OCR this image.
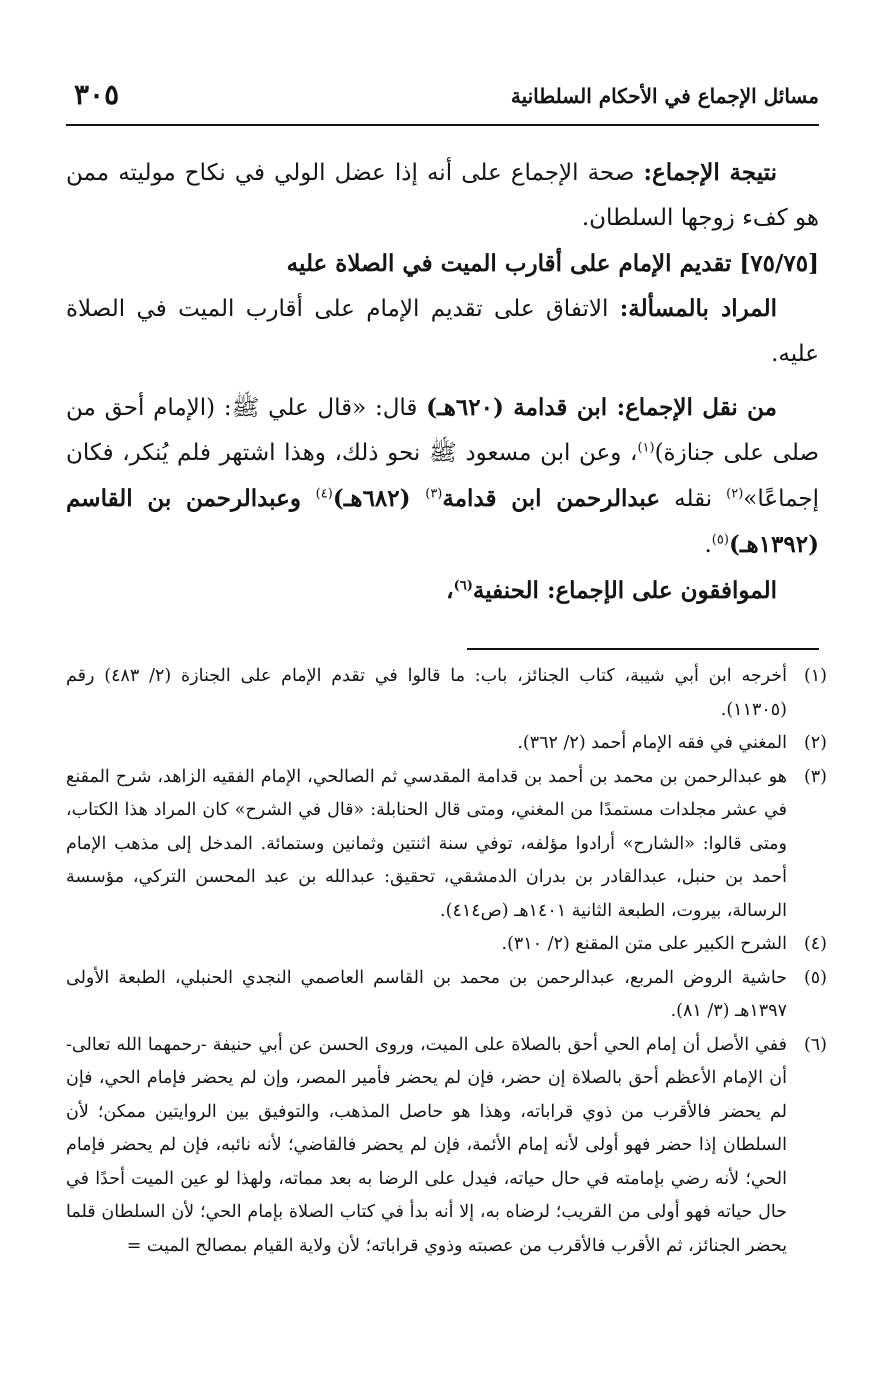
مسائل الإجماع في الأحكام السلطانية
٣٠٥

نتيجة الإجماع: صحة الإجماع على أنه إذا عضل الولي في نكاح موليته ممن هو كفء زوجها السلطان.

[٧٥/٧٥] تقديم الإمام على أقارب الميت في الصلاة عليه

المراد بالمسألة: الاتفاق على تقديم الإمام على أقارب الميت في الصلاة عليه.

من نقل الإجماع: ابن قدامة (٦٢٠هـ) قال: «قال علي ﷺ: (الإمام أحق من صلى على جنازة)$^{(١)}$، وعن ابن مسعود ﷺ نحو ذلك، وهذا اشتهر فلم يُنكر، فكان إجماعًا»$^{(٢)}$ نقله عبدالرحمن ابن قدامة$^{(٣)}$ (٦٨٢هـ)$^{(٤)}$ وعبدالرحمن بن القاسم (١٣٩٢هـ)$^{(٥)}$.

الموافقون على الإجماع: الحنفية$^{(٦)}$،

(١)
أخرجه ابن أبي شيبة، كتاب الجنائز، باب: ما قالوا في تقدم الإمام على الجنازة (٢/ ٤٨٣) رقم (١١٣٠٥).
(٢)
المغني في فقه الإمام أحمد (٢/ ٣٦٢).
(٣)
هو عبدالرحمن بن محمد بن أحمد بن قدامة المقدسي ثم الصالحي، الإمام الفقيه الزاهد، شرح المقنع في عشر مجلدات مستمدًا من المغني، ومتى قال الحنابلة: «قال في الشرح» كان المراد هذا الكتاب، ومتى قالوا: «الشارح» أرادوا مؤلفه، توفي سنة اثنتين وثمانين وستمائة. المدخل إلى مذهب الإمام أحمد بن حنبل، عبدالقادر بن بدران الدمشقي، تحقيق: عبدالله بن عبد المحسن التركي، مؤسسة الرسالة، بيروت، الطبعة الثانية ١٤٠١هـ (ص٤١٤).
(٤)
الشرح الكبير على متن المقنع (٢/ ٣١٠).
(٥)
حاشية الروض المربع، عبدالرحمن بن محمد بن القاسم العاصمي النجدي الحنبلي، الطبعة الأولى ١٣٩٧هـ (٣/ ٨١).
(٦)
ففي الأصل أن إمام الحي أحق بالصلاة على الميت، وروى الحسن عن أبي حنيفة -رحمهما الله تعالى- أن الإمام الأعظم أحق بالصلاة إن حضر، فإن لم يحضر فأمير المصر، وإن لم يحضر فإمام الحي، فإن لم يحضر فالأقرب من ذوي قراباته، وهذا هو حاصل المذهب، والتوفيق بين الروايتين ممكن؛ لأن السلطان إذا حضر فهو أولى لأنه إمام الأئمة، فإن لم يحضر فالقاضي؛ لأنه نائبه، فإن لم يحضر فإمام الحي؛ لأنه رضي بإمامته في حال حياته، فيدل على الرضا به بعد مماته، ولهذا لو عين الميت أحدًا في حال حياته فهو أولى من القريب؛ لرضاه به، إلا أنه بدأ في كتاب الصلاة بإمام الحي؛ لأن السلطان قلما يحضر الجنائز، ثم الأقرب فالأقرب من عصبته وذوي قراباته؛ لأن ولاية القيام بمصالح الميت =
